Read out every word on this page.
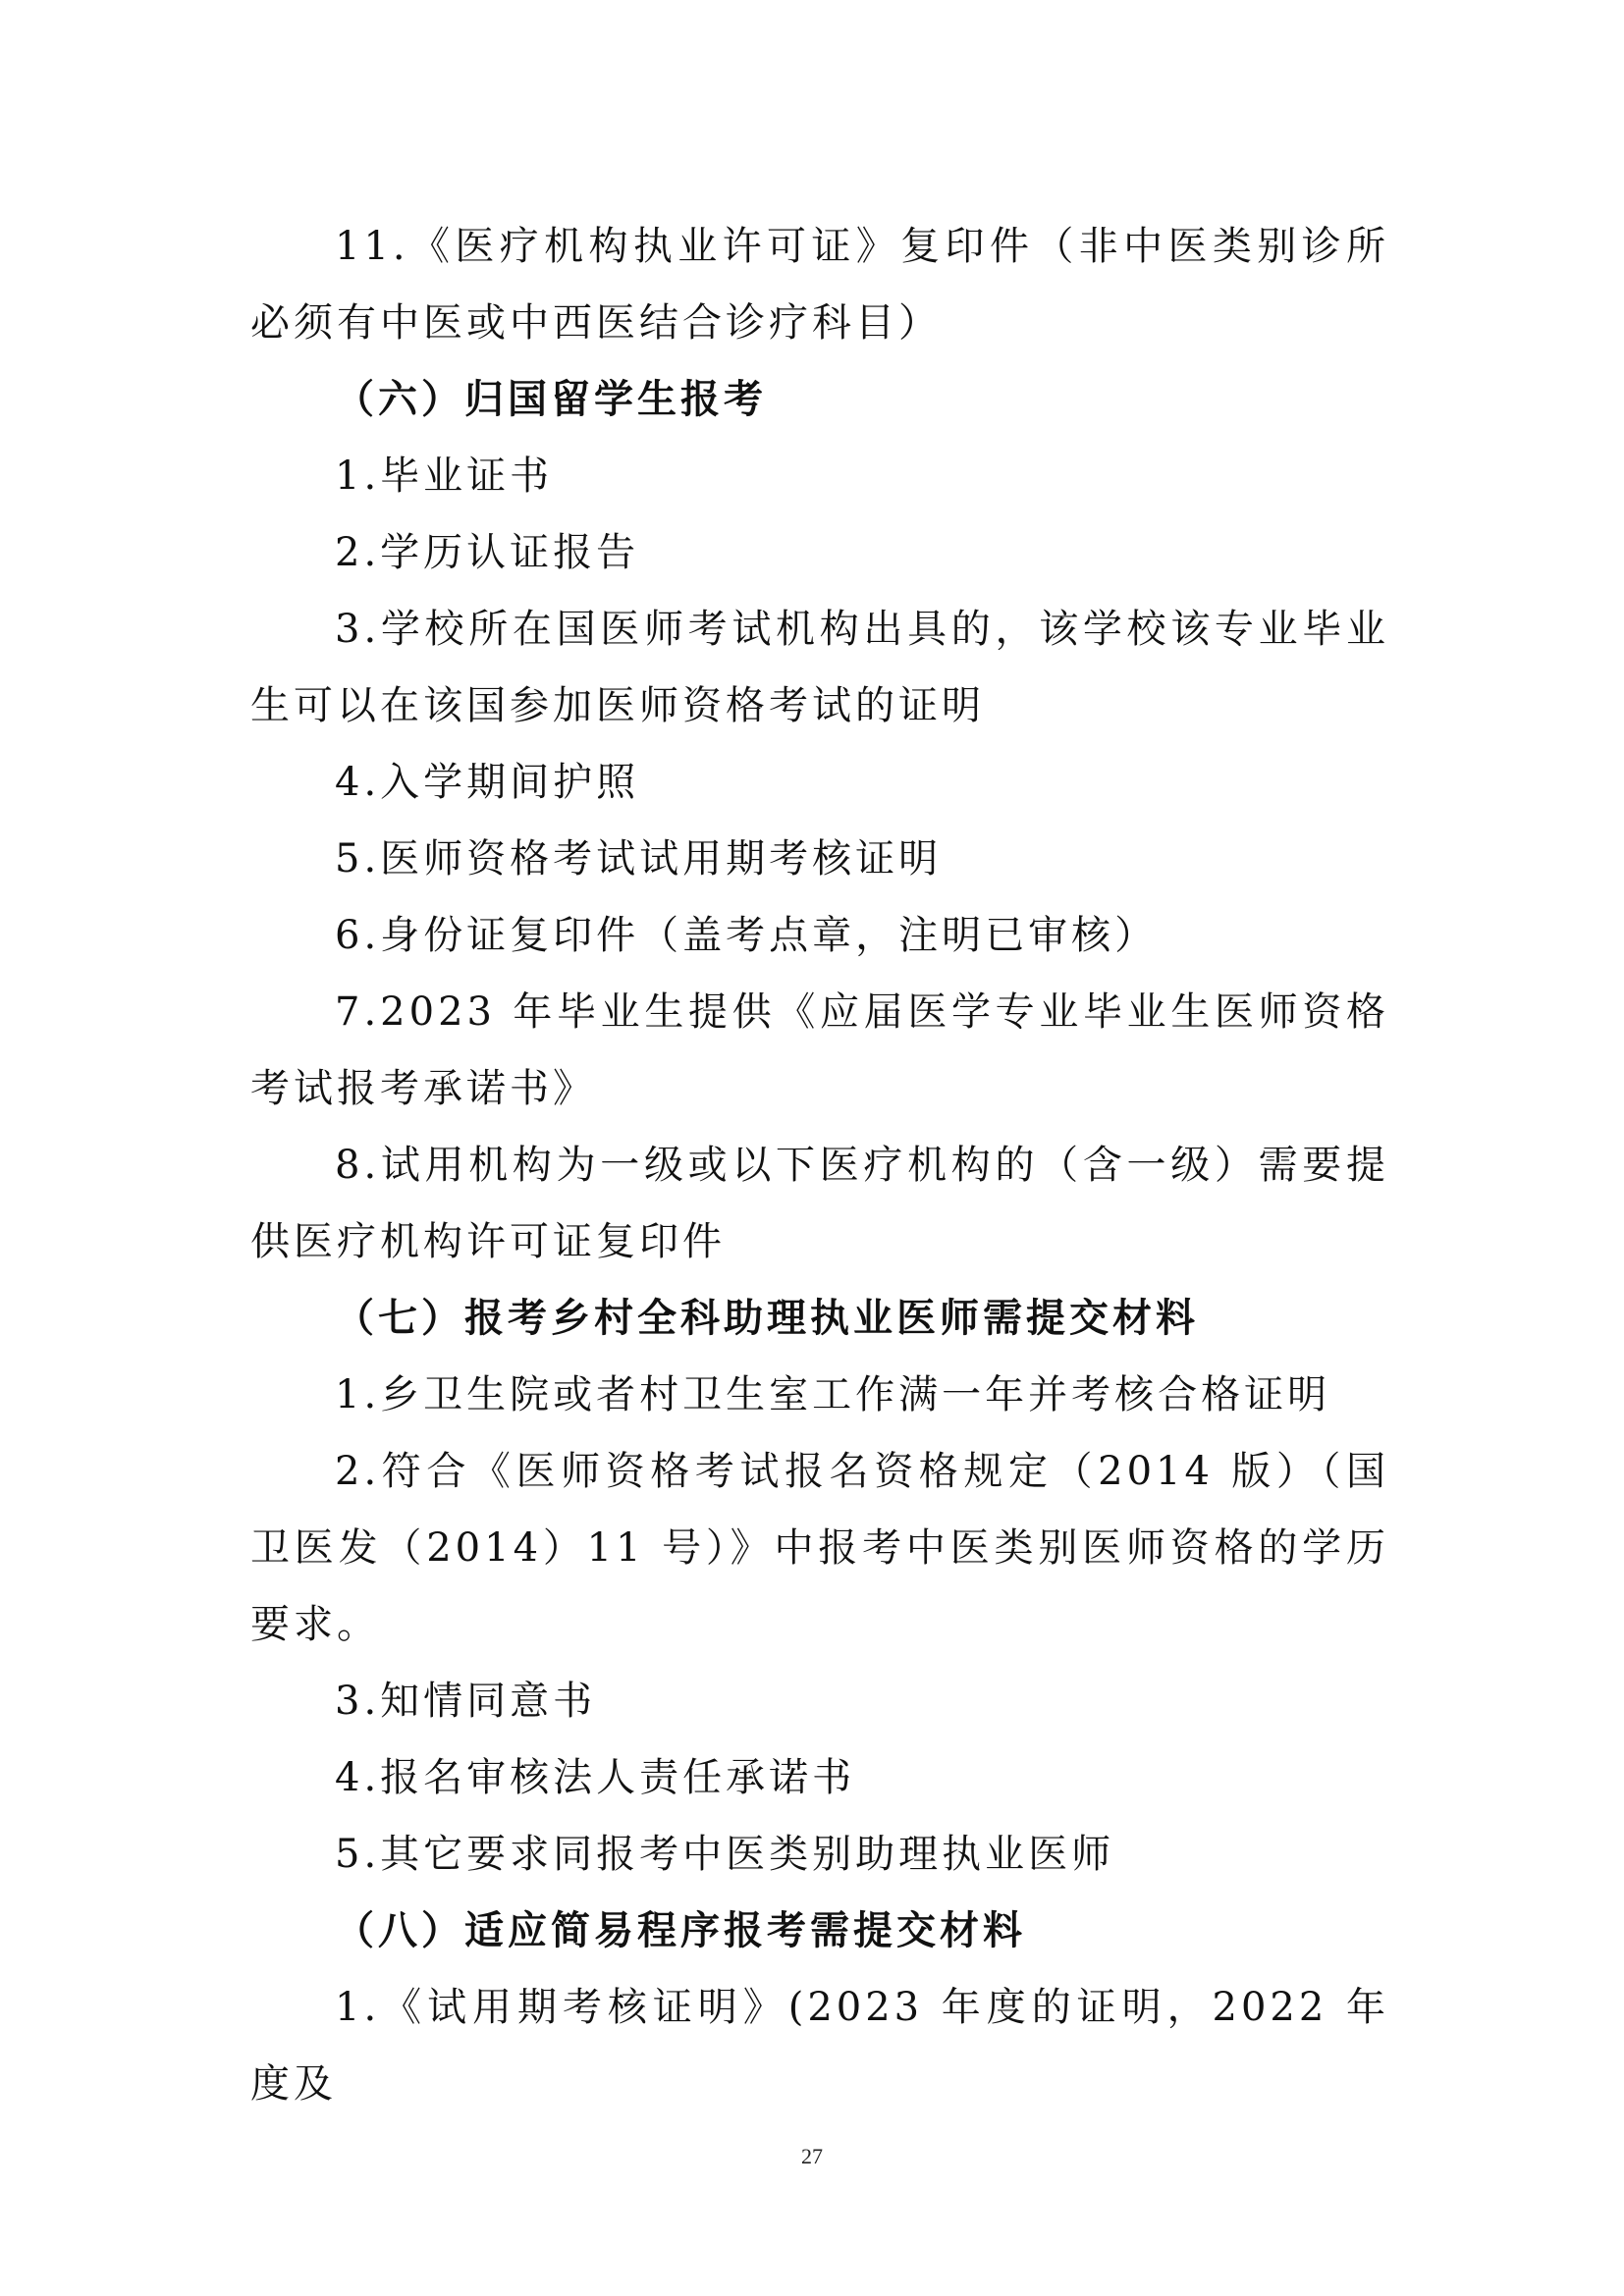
11.《医疗机构执业许可证》复印件（非中医类别诊所必须有中医或中西医结合诊疗科目）

（六）归国留学生报考

1.毕业证书

2.学历认证报告

3.学校所在国医师考试机构出具的，该学校该专业毕业生可以在该国参加医师资格考试的证明

4.入学期间护照

5.医师资格考试试用期考核证明

6.身份证复印件（盖考点章，注明已审核）

7.2023 年毕业生提供《应届医学专业毕业生医师资格考试报考承诺书》

8.试用机构为一级或以下医疗机构的（含一级）需要提供医疗机构许可证复印件

（七）报考乡村全科助理执业医师需提交材料

1.乡卫生院或者村卫生室工作满一年并考核合格证明

2.符合《医师资格考试报名资格规定（2014 版）（国卫医发（2014）11 号）》中报考中医类别医师资格的学历要求。

3.知情同意书

4.报名审核法人责任承诺书

5.其它要求同报考中医类别助理执业医师

（八）适应简易程序报考需提交材料

1.《试用期考核证明》(2023 年度的证明，2022 年度及

27
